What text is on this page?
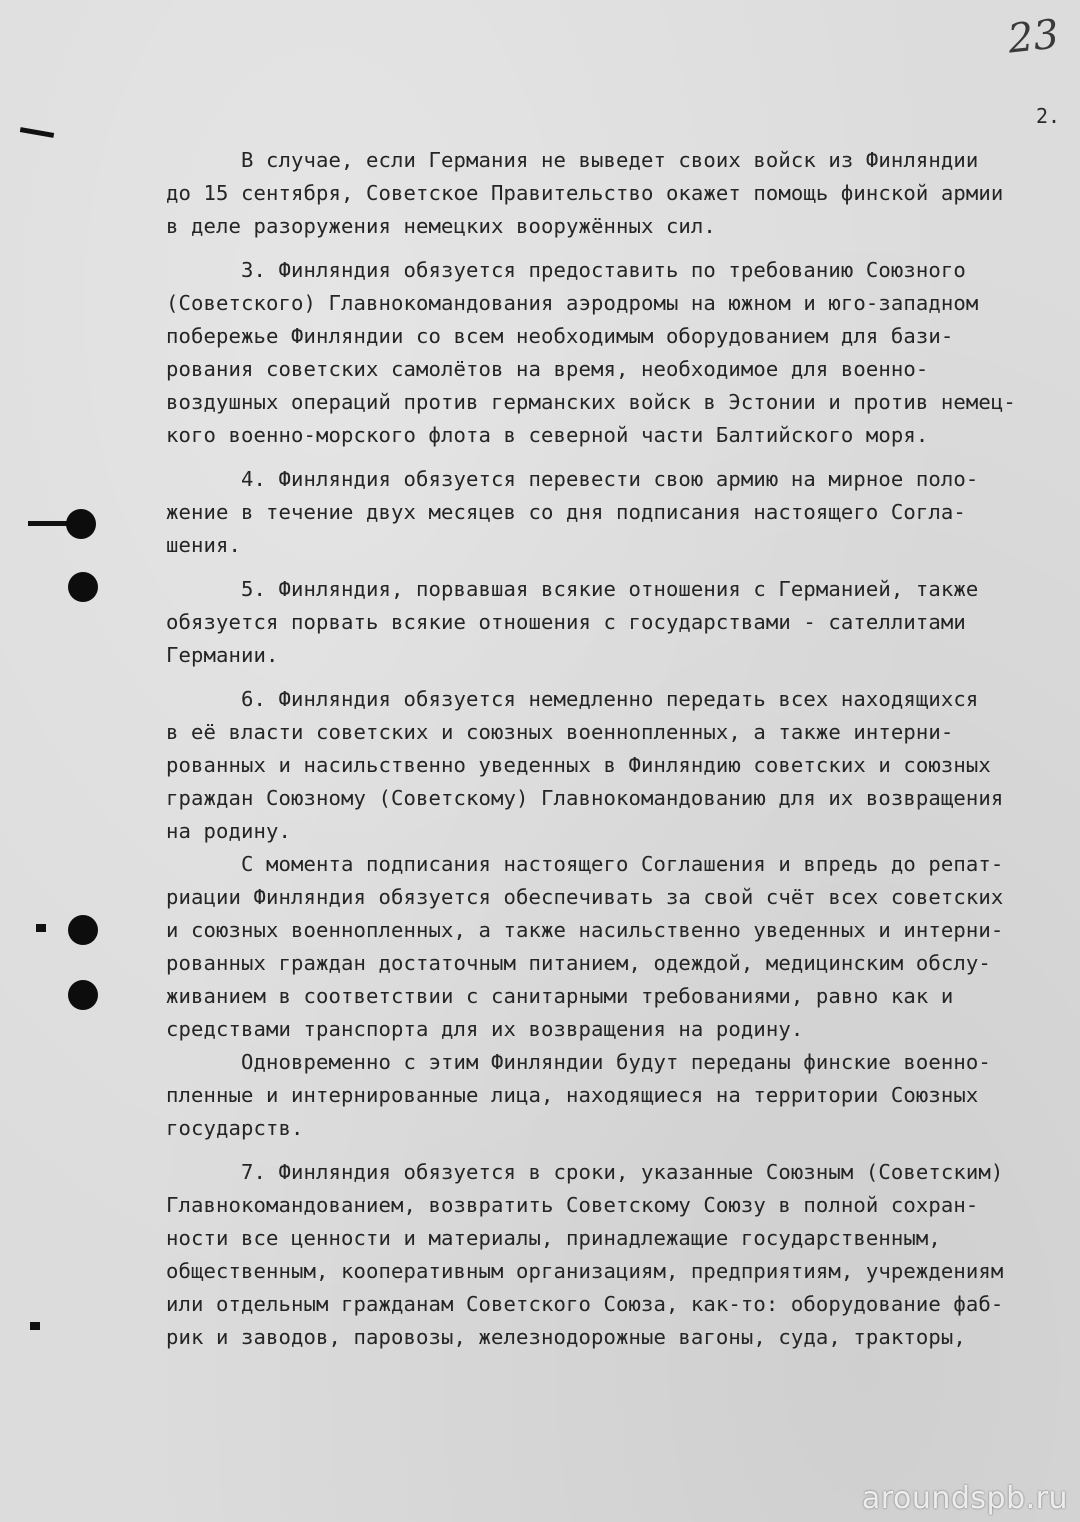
23
2.
В случае, если Германия не выведет своих войск из Финляндии
до 15 сентября, Советское Правительство окажет помощь финской армии
в деле разоружения немецких вооружённых сил.
3. Финляндия обязуется предоставить по требованию Союзного
(Советского) Главнокомандования аэродромы на южном и юго-западном
побережье Финляндии со всем необходимым оборудованием для бази-
рования советских самолётов на время, необходимое для военно-
воздушных операций против германских войск в Эстонии и против немец-
кого военно-морского флота в северной части Балтийского моря.
4. Финляндия обязуется перевести свою армию на мирное поло-
жение в течение двух месяцев со дня подписания настоящего Согла-
шения.
5. Финляндия, порвавшая всякие отношения с Германией, также
обязуется порвать всякие отношения с государствами - сателлитами
Германии.
6. Финляндия обязуется немедленно передать всех находящихся
в её власти советских и союзных военнопленных, а также интерни-
рованных и насильственно уведенных в Финляндию советских и союзных
граждан Союзному (Советскому) Главнокомандованию для их возвращения
на родину.
С момента подписания настоящего Соглашения и впредь до репат-
риации Финляндия обязуется обеспечивать за свой счёт всех советских
и союзных военнопленных, а также насильственно уведенных и интерни-
рованных граждан достаточным питанием, одеждой, медицинским обслу-
живанием в соответствии с санитарными требованиями, равно как и
средствами транспорта для их возвращения на родину.
Одновременно с этим Финляндии будут переданы финские военно-
пленные и интернированные лица, находящиеся на территории Союзных
государств.
7. Финляндия обязуется в сроки, указанные Союзным (Советским)
Главнокомандованием, возвратить Советскому Союзу в полной сохран-
ности все ценности и материалы, принадлежащие государственным,
общественным, кооперативным организациям, предприятиям, учреждениям
или отдельным гражданам Советского Союза, как-то: оборудование фаб-
рик и заводов, паровозы, железнодорожные вагоны, суда, тракторы,
aroundspb.ru
